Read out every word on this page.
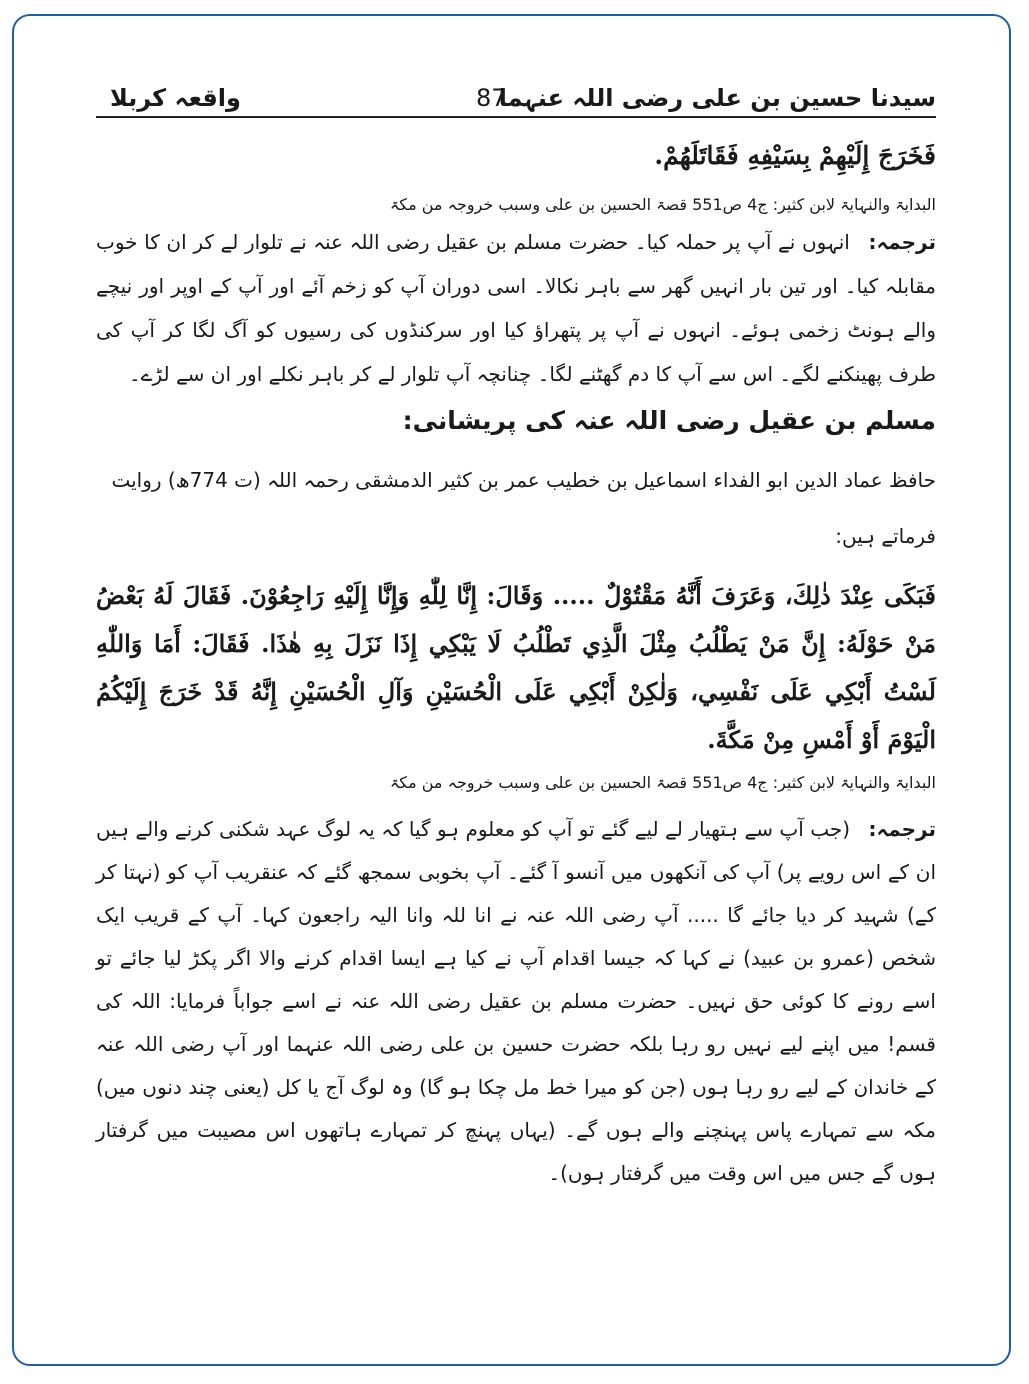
سیدنا حسین بن علی رضی اللہ عنہما
87
واقعہ کربلا
فَخَرَجَ إِلَيْهِمْ بِسَيْفِهِ فَقَاتَلَهُمْ.
البدایۃ والنہایۃ لابن کثیر: ج4 ص551 قصۃ الحسین بن علی وسبب خروجہ من مکۃ

ترجمہ: انہوں نے آپ پر حملہ کیا۔ حضرت مسلم بن عقیل رضی اللہ عنہ نے تلوار لے کر ان کا خوب مقابلہ کیا۔ اور تین بار انہیں گھر سے باہر نکالا۔ اسی دوران آپ کو زخم آئے اور آپ کے اوپر اور نیچے والے ہونٹ زخمی ہوئے۔ انہوں نے آپ پر پتھراؤ کیا اور سرکنڈوں کی رسیوں کو آگ لگا کر آپ کی طرف پھینکنے لگے۔ اس سے آپ کا دم گھٹنے لگا۔ چنانچہ آپ تلوار لے کر باہر نکلے اور ان سے لڑے۔

مسلم بن عقیل رضی اللہ عنہ کی پریشانی:
حافظ عماد الدین ابو الفداء اسماعیل بن خطیب عمر بن کثیر الدمشقی رحمہ اللہ (ت 774ھ) روایت فرماتے ہیں:
فَبَكَى عِنْدَ ذٰلِكَ، وَعَرَفَ أَنَّهُ مَقْتُوْلٌ ..... وَقَالَ: إِنَّا لِلّٰهِ وَإِنَّا إِلَيْهِ رَاجِعُوْنَ. فَقَالَ لَهُ بَعْضُ مَنْ حَوْلَهُ: إِنَّ مَنْ يَطْلُبُ مِثْلَ الَّذِي تَطْلُبُ لَا يَبْكِي إِذَا نَزَلَ بِهِ هٰذَا. فَقَالَ: أَمَا وَاللّٰهِ لَسْتُ أَبْكِي عَلَى نَفْسِي، وَلٰكِنْ أَبْكِي عَلَى الْحُسَيْنِ وَآلِ الْحُسَيْنِ إِنَّهُ قَدْ خَرَجَ إِلَيْكُمُ الْيَوْمَ أَوْ أَمْسِ مِنْ مَكَّةَ.
البدایۃ والنہایۃ لابن کثیر: ج4 ص551 قصۃ الحسین بن علی وسبب خروجہ من مکۃ

ترجمہ: (جب آپ سے ہتھیار لے لیے گئے تو آپ کو معلوم ہو گیا کہ یہ لوگ عہد شکنی کرنے والے ہیں ان کے اس رویے پر) آپ کی آنکھوں میں آنسو آ گئے۔ آپ بخوبی سمجھ گئے کہ عنقریب آپ کو (نہتا کر کے) شہید کر دیا جائے گا ..... آپ رضی اللہ عنہ نے انا للہ وانا الیہ راجعون کہا۔ آپ کے قریب ایک شخص (عمرو بن عبید) نے کہا کہ جیسا اقدام آپ نے کیا ہے ایسا اقدام کرنے والا اگر پکڑ لیا جائے تو اسے رونے کا کوئی حق نہیں۔ حضرت مسلم بن عقیل رضی اللہ عنہ نے اسے جواباً فرمایا: اللہ کی قسم! میں اپنے لیے نہیں رو رہا بلکہ حضرت حسین بن علی رضی اللہ عنہما اور آپ رضی اللہ عنہ کے خاندان کے لیے رو رہا ہوں (جن کو میرا خط مل چکا ہو گا) وہ لوگ آج یا کل (یعنی چند دنوں میں) مکہ سے تمہارے پاس پہنچنے والے ہوں گے۔ (یہاں پہنچ کر تمہارے ہاتھوں اس مصیبت میں گرفتار ہوں گے جس میں اس وقت میں گرفتار ہوں)۔
